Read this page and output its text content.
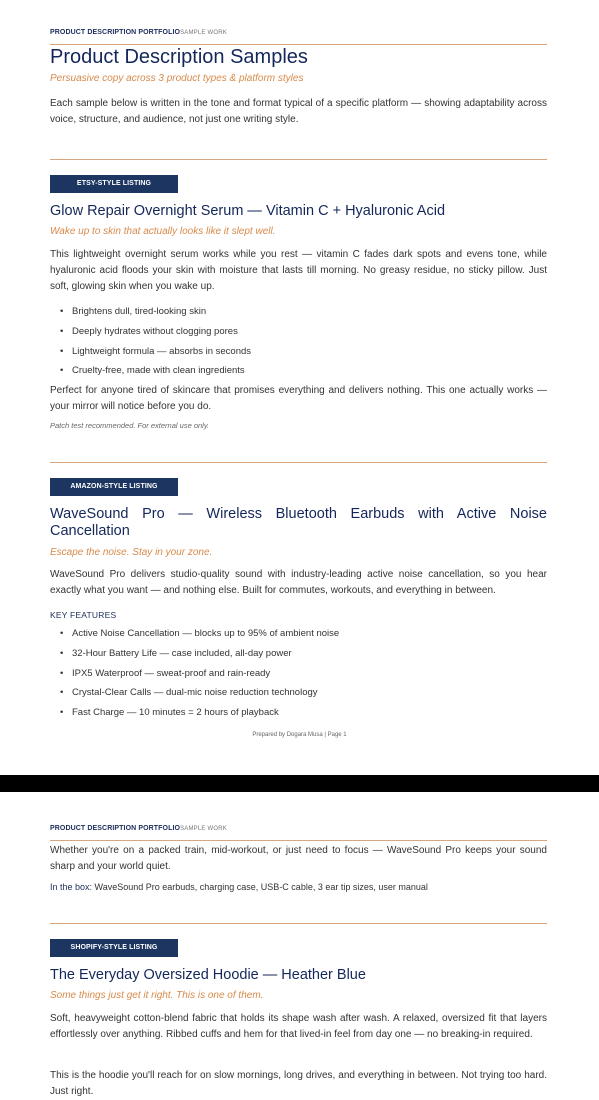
PRODUCT DESCRIPTION PORTFOLIOSAMPLE WORK
Product Description Samples
Persuasive copy across 3 product types & platform styles
Each sample below is written in the tone and format typical of a specific platform — showing adaptability across voice, structure, and audience, not just one writing style.
ETSY-STYLE LISTING
Glow Repair Overnight Serum — Vitamin C + Hyaluronic Acid
Wake up to skin that actually looks like it slept well.
This lightweight overnight serum works while you rest — vitamin C fades dark spots and evens tone, while hyaluronic acid floods your skin with moisture that lasts till morning. No greasy residue, no sticky pillow. Just soft, glowing skin when you wake up.
• Brightens dull, tired-looking skin
• Deeply hydrates without clogging pores
• Lightweight formula — absorbs in seconds
• Cruelty-free, made with clean ingredients
Perfect for anyone tired of skincare that promises everything and delivers nothing. This one actually works — your mirror will notice before you do.
Patch test recommended. For external use only.
AMAZON-STYLE LISTING
WaveSound Pro — Wireless Bluetooth Earbuds with Active Noise Cancellation
Escape the noise. Stay in your zone.
WaveSound Pro delivers studio-quality sound with industry-leading active noise cancellation, so you hear exactly what you want — and nothing else. Built for commutes, workouts, and everything in between.
KEY FEATURES
• Active Noise Cancellation — blocks up to 95% of ambient noise
• 32-Hour Battery Life — case included, all-day power
• IPX5 Waterproof — sweat-proof and rain-ready
• Crystal-Clear Calls — dual-mic noise reduction technology
• Fast Charge — 10 minutes = 2 hours of playback
Prepared by Dogara Musa | Page 1
PRODUCT DESCRIPTION PORTFOLIOSAMPLE WORK
Whether you're on a packed train, mid-workout, or just need to focus — WaveSound Pro keeps your sound sharp and your world quiet.
In the box: WaveSound Pro earbuds, charging case, USB-C cable, 3 ear tip sizes, user manual
SHOPIFY-STYLE LISTING
The Everyday Oversized Hoodie — Heather Blue
Some things just get it right. This is one of them.
Soft, heavyweight cotton-blend fabric that holds its shape wash after wash. A relaxed, oversized fit that layers effortlessly over anything. Ribbed cuffs and hem for that lived-in feel from day one — no breaking-in required.
This is the hoodie you'll reach for on slow mornings, long drives, and everything in between. Not trying too hard. Just right.
